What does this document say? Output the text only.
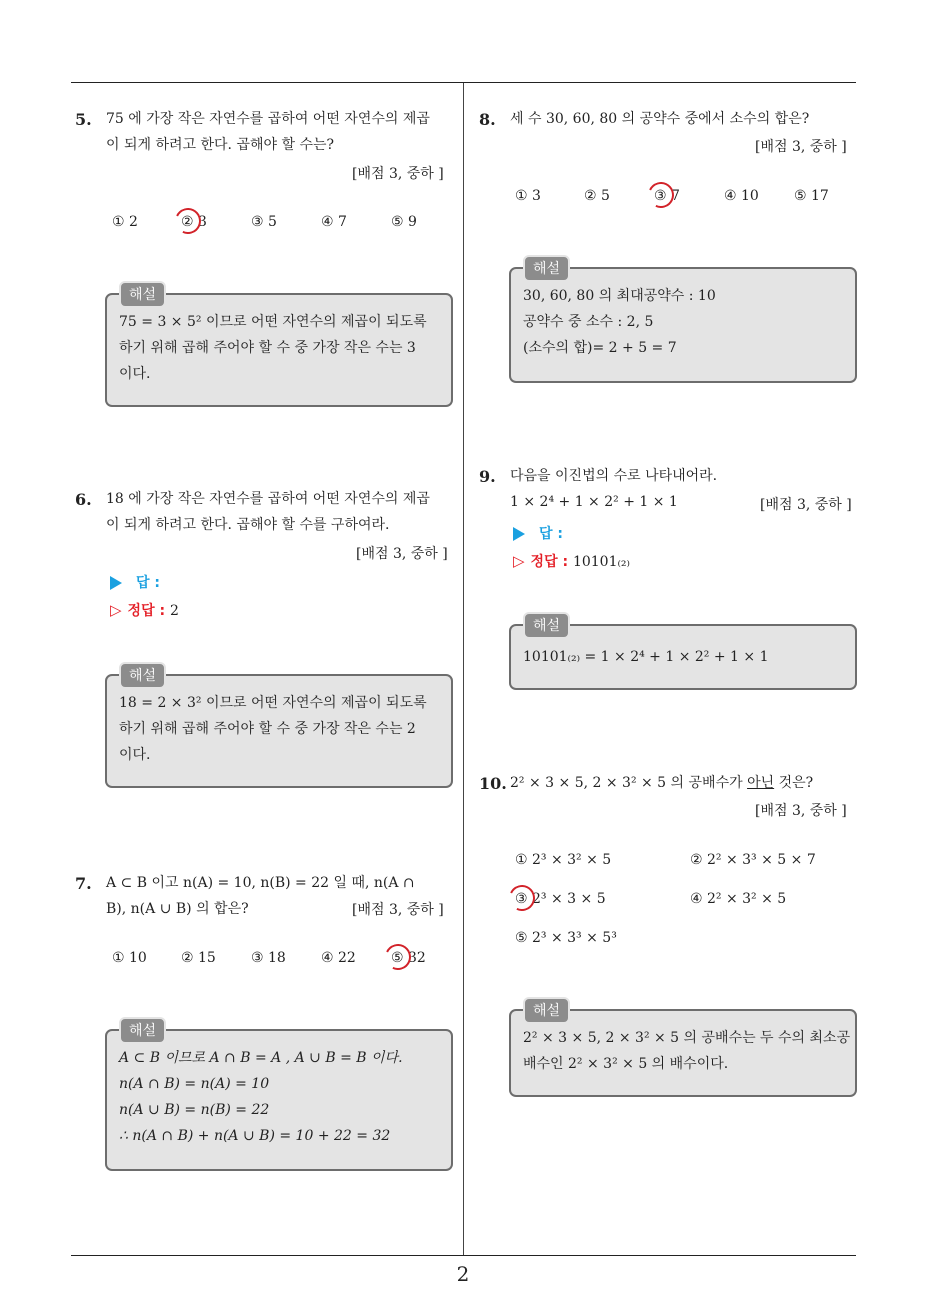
5. 75 에 가장 작은 자연수를 곱하여 어떤 자연수의 제곱
이 되게 하려고 한다. 곱해야 할 수는?
[배점 3, 중하 ]
① 2	② 3	③ 5	④ 7	⑤ 9
해설
75 = 3 × 5² 이므로 어떤 자연수의 제곱이 되도록
하기 위해 곱해 주어야 할 수 중 가장 작은 수는 3
이다.
6. 18 에 가장 작은 자연수를 곱하여 어떤 자연수의 제곱
이 되게 하려고 한다. 곱해야 할 수를 구하여라.
[배점 3, 중하 ]
답 :
▷ 정답 : 2
해설
18 = 2 × 3² 이므로 어떤 자연수의 제곱이 되도록
하기 위해 곱해 주어야 할 수 중 가장 작은 수는 2
이다.
7. A ⊂ B 이고 n(A) = 10, n(B) = 22 일 때, n(A ∩
B), n(A ∪ B) 의 합은?	[배점 3, 중하 ]
① 10 ② 15	③ 18	④ 22	⑤ 32
해설
A ⊂ B 이므로 A ∩ B = A , A ∪ B = B 이다.
n(A ∩ B) = n(A) = 10
n(A ∪ B) = n(B) = 22
∴ n(A ∩ B) + n(A ∪ B) = 10 + 22 = 32
8. 세 수 30, 60, 80 의 공약수 중에서 소수의 합은?
[배점 3, 중하 ]
① 3	② 5	③ 7	④ 10	⑤ 17
해설
30, 60, 80 의 최대공약수 : 10
공약수 중 소수 : 2, 5
(소수의 합)= 2 + 5 = 7
9. 다음을 이진법의 수로 나타내어라.
1 × 2⁴ + 1 × 2² + 1 × 1	[배점 3, 중하 ]
답 :
▷ 정답 : 10101₍₂₎
해설
10101₍₂₎ = 1 × 2⁴ + 1 × 2² + 1 × 1
10. 2² × 3 × 5, 2 × 3² × 5 의 공배수가 아닌 것은?
[배점 3, 중하 ]
① 2³ × 3² × 5	② 2² × 3³ × 5 × 7
③ 2³ × 3 × 5	④ 2² × 3² × 5
⑤ 2³ × 3³ × 5³
해설
2² × 3 × 5, 2 × 3² × 5 의 공배수는 두 수의 최소공
배수인 2² × 3² × 5 의 배수이다.
2
